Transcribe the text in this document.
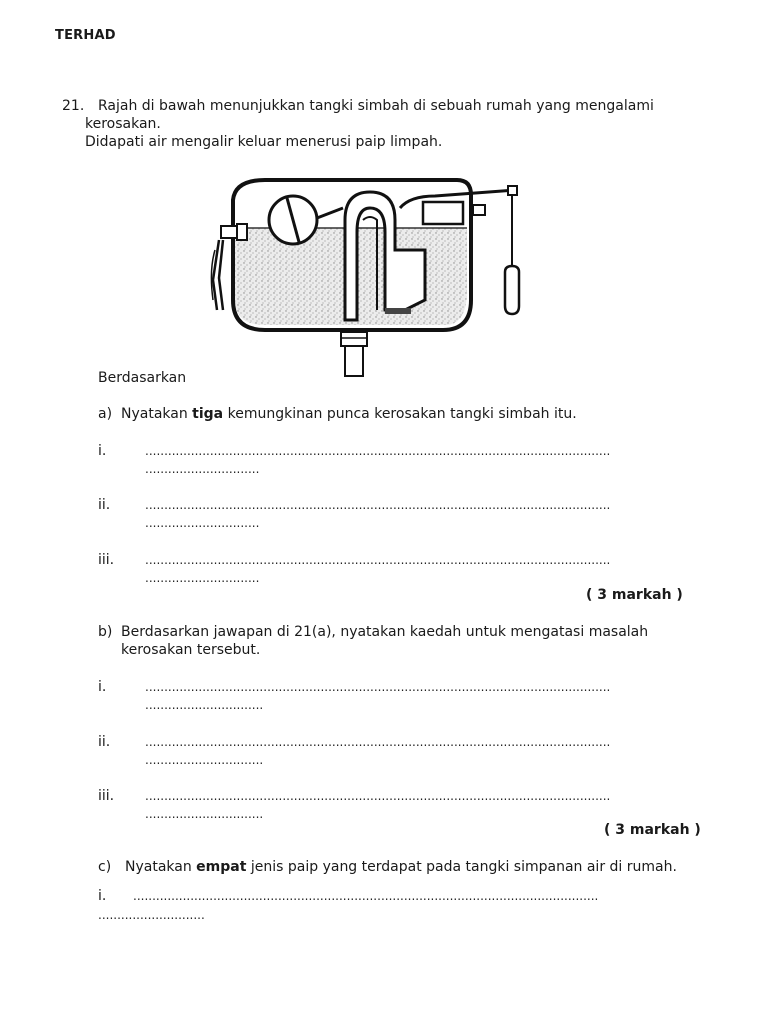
TERHAD
21. Rajah di bawah menunjukkan tangki simbah di sebuah rumah yang mengalami
kerosakan.
Didapati air mengalir keluar menerusi paip limpah.
Berdasarkan
a) Nyatakan tiga kemungkinan punca kerosakan tangki simbah itu.
i.	..........................................................................................................................
..............................
ii.	..........................................................................................................................
..............................
iii.	..........................................................................................................................
..............................
( 3 markah )
b) Berdasarkan jawapan di 21(a), nyatakan kaedah untuk mengatasi masalah
kerosakan tersebut.
i.	..........................................................................................................................
...............................
ii.	..........................................................................................................................
...............................
iii.	..........................................................................................................................
...............................
( 3 markah )
c) Nyatakan empat jenis paip yang terdapat pada tangki simpanan air di rumah.
i. ..........................................................................................................................
............................
